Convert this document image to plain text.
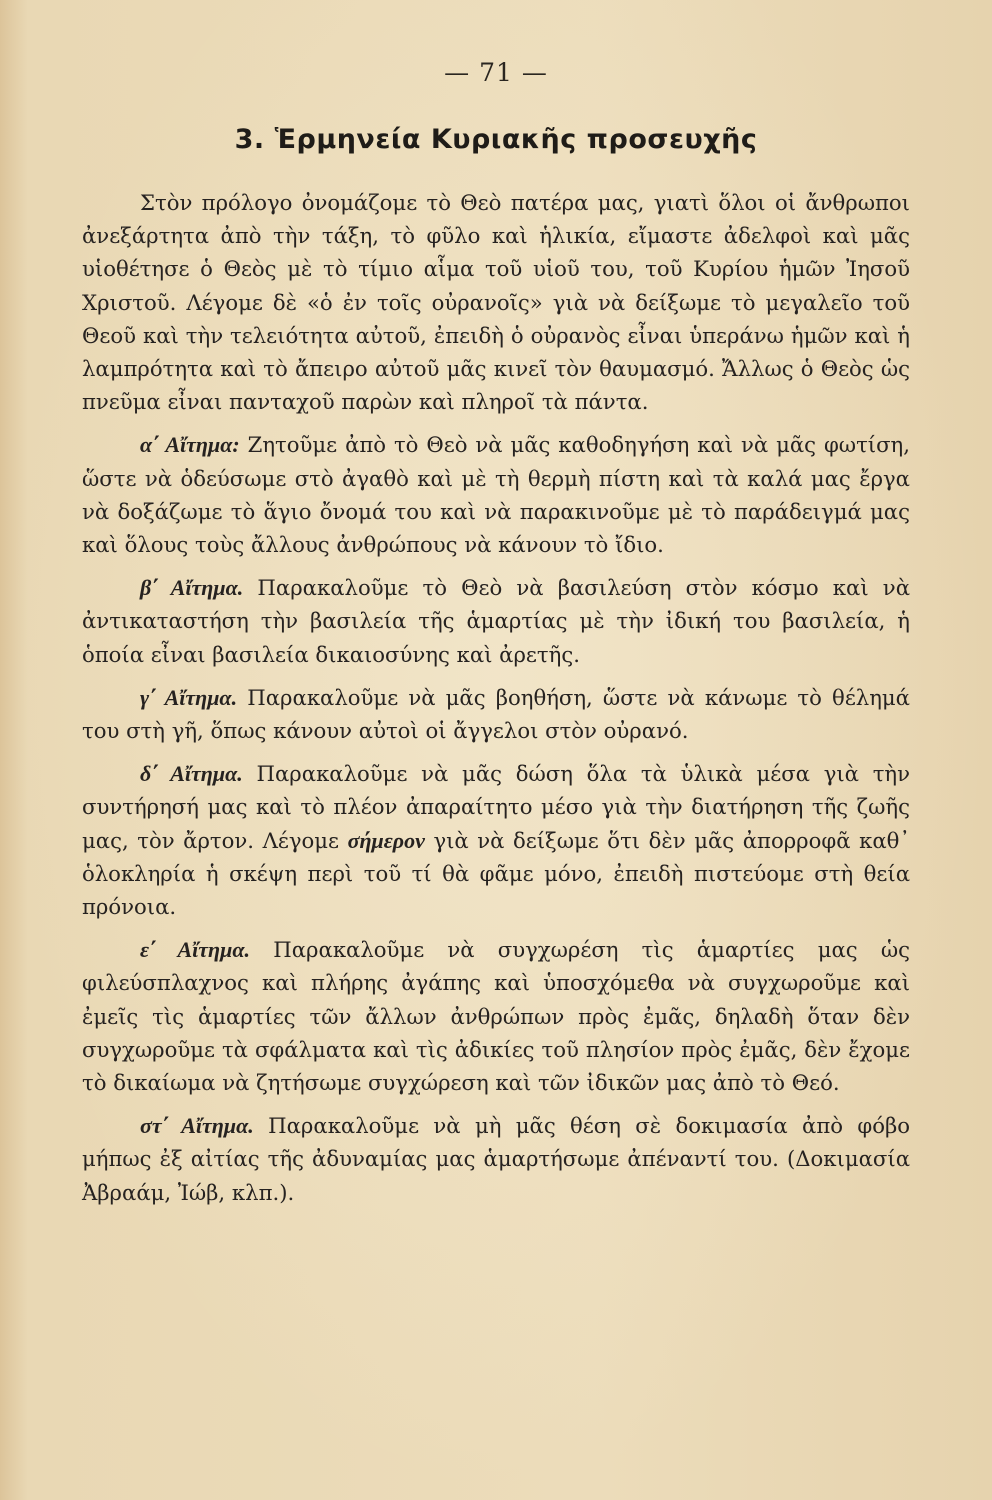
— 71 —
3. Ἑρμηνεία Κυριακῆς προσευχῆς

Στὸν πρόλογο ὀνομάζομε τὸ Θεὸ πατέρα μας, γιατὶ ὅλοι οἱ ἄνθρωποι ἀνεξάρτητα ἀπὸ τὴν τάξη, τὸ φῦλο καὶ ἡλικία, εἴμαστε ἀδελφοὶ καὶ μᾶς υἱοθέτησε ὁ Θεὸς μὲ τὸ τίμιο αἷμα τοῦ υἱοῦ του, τοῦ Κυρίου ἡμῶν Ἰησοῦ Χριστοῦ. Λέγομε δὲ «ὁ ἐν τοῖς οὐρανοῖς» γιὰ νὰ δείξωμε τὸ μεγαλεῖο τοῦ Θεοῦ καὶ τὴν τελειότητα αὐτοῦ, ἐπειδὴ ὁ οὐρανὸς εἶναι ὑπεράνω ἡμῶν καὶ ἡ λαμπρότητα καὶ τὸ ἄπειρο αὐτοῦ μᾶς κινεῖ τὸν θαυμασμό. Ἄλλως ὁ Θεὸς ὡς πνεῦμα εἶναι πανταχοῦ παρὼν καὶ πληροῖ τὰ πάντα.

α΄ Αἴτημα: Ζητοῦμε ἀπὸ τὸ Θεὸ νὰ μᾶς καθοδηγήση καὶ νὰ μᾶς φωτίση, ὥστε νὰ ὁδεύσωμε στὸ ἀγαθὸ καὶ μὲ τὴ θερμὴ πίστη καὶ τὰ καλά μας ἔργα νὰ δοξάζωμε τὸ ἅγιο ὄνομά του καὶ νὰ παρακινοῦμε μὲ τὸ παράδειγμά μας καὶ ὅλους τοὺς ἄλλους ἀνθρώπους νὰ κάνουν τὸ ἴδιο.

β΄ Αἴτημα. Παρακαλοῦμε τὸ Θεὸ νὰ βασιλεύση στὸν κόσμο καὶ νὰ ἀντικαταστήση τὴν βασιλεία τῆς ἁμαρτίας μὲ τὴν ἰδική του βασιλεία, ἡ ὁποία εἶναι βασιλεία δικαιοσύνης καὶ ἀρετῆς.

γ΄ Αἴτημα. Παρακαλοῦμε νὰ μᾶς βοηθήση, ὥστε νὰ κάνωμε τὸ θέλημά του στὴ γῆ, ὅπως κάνουν αὐτοὶ οἱ ἄγγελοι στὸν οὐρανό.

δ΄ Αἴτημα. Παρακαλοῦμε νὰ μᾶς δώση ὅλα τὰ ὑλικὰ μέσα γιὰ τὴν συντήρησή μας καὶ τὸ πλέον ἀπαραίτητο μέσο γιὰ τὴν διατήρηση τῆς ζωῆς μας, τὸν ἄρτον. Λέγομε σήμερον γιὰ νὰ δείξωμε ὅτι δὲν μᾶς ἀπορροφᾶ καθ᾽ ὁλοκληρία ἡ σκέψη περὶ τοῦ τί θὰ φᾶμε μόνο, ἐπειδὴ πιστεύομε στὴ θεία πρόνοια.

ε΄ Αἴτημα. Παρακαλοῦμε νὰ συγχωρέση τὶς ἁμαρτίες μας ὡς φιλεύσπλαχνος καὶ πλήρης ἀγάπης καὶ ὑποσχόμεθα νὰ συγχωροῦμε καὶ ἐμεῖς τὶς ἁμαρτίες τῶν ἄλλων ἀνθρώπων πρὸς ἐμᾶς, δηλαδὴ ὅταν δὲν συγχωροῦμε τὰ σφάλματα καὶ τὶς ἀδικίες τοῦ πλησίον πρὸς ἐμᾶς, δὲν ἔχομε τὸ δικαίωμα νὰ ζητήσωμε συγχώρεση καὶ τῶν ἰδικῶν μας ἀπὸ τὸ Θεό.

στ΄ Αἴτημα. Παρακαλοῦμε νὰ μὴ μᾶς θέση σὲ δοκιμασία ἀπὸ φόβο μήπως ἐξ αἰτίας τῆς ἀδυναμίας μας ἁμαρτήσωμε ἀπέναντί του. (Δοκιμασία Ἀβραάμ, Ἰώβ, κλπ.).
